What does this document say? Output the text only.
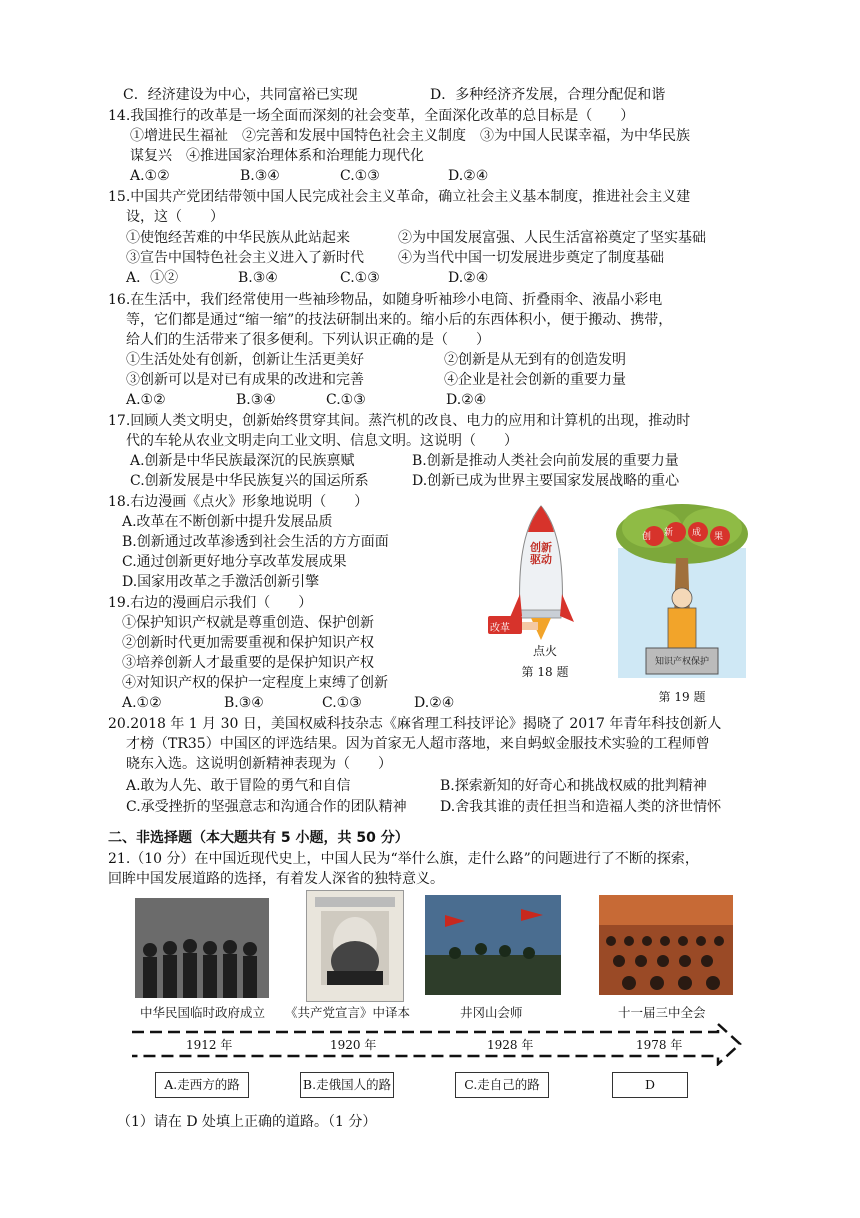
C．经济建设为中心，共同富裕已实现	D．多种经济齐发展，合理分配促和谐
14.我国推行的改革是一场全面而深刻的社会变革，全面深化改革的总目标是（　　）
①增进民生福祉　②完善和发展中国特色社会主义制度　③为中国人民谋幸福，为中华民族
谋复兴　④推进国家治理体系和治理能力现代化
A.①②	B.③④	C.①③	D.②④
15.中国共产党团结带领中国人民完成社会主义革命，确立社会主义基本制度，推进社会主义建
设，这（　　）
①使饱经苦难的中华民族从此站起来	②为中国发展富强、人民生活富裕奠定了坚实基础
③宣告中国特色社会主义进入了新时代 ④为当代中国一切发展进步奠定了制度基础
A．①②	B.③④	C.①③	D.②④
16.在生活中，我们经常使用一些袖珍物品，如随身听袖珍小电筒、折叠雨伞、液晶小彩电
等，它们都是通过“缩一缩”的技法研制出来的。缩小后的东西体积小，便于搬动、携带，
给人们的生活带来了很多便利。下列认识正确的是（　　）
①生活处处有创新，创新让生活更美好	②创新是从无到有的创造发明
③创新可以是对已有成果的改进和完善	④企业是社会创新的重要力量
A.①②	B.③④	C.①③	D.②④
17.回顾人类文明史，创新始终贯穿其间。蒸汽机的改良、电力的应用和计算机的出现，推动时
代的车轮从农业文明走向工业文明、信息文明。这说明（　　）
A.创新是中华民族最深沉的民族禀赋	B.创新是推动人类社会向前发展的重要力量
C.创新发展是中华民族复兴的国运所系	D.创新已成为世界主要国家发展战略的重心
18.右边漫画《点火》形象地说明（　　）
A.改革在不断创新中提升发展品质
B.创新通过改革渗透到社会生活的方方面面
C.通过创新更好地分享改革发展成果
D.国家用改革之手激活创新引擎
19.右边的漫画启示我们（　　）
①保护知识产权就是尊重创造、保护创新
②创新时代更加需要重视和保护知识产权
③培养创新人才最重要的是保护知识产权
④对知识产权的保护一定程度上束缚了创新
A.①②	B.③④	C.①③	D.②④
创新驱动
改革
点火
第 18 题
创 新 成 果
知识产权保护
第 19 题
20.2018 年 1 月 30 日，美国权威科技杂志《麻省理工科技评论》揭晓了 2017 年青年科技创新人
才榜（TR35）中国区的评选结果。因为首家无人超市落地，来自蚂蚁金服技术实验的工程师曾
晓东入选。这说明创新精神表现为（　　）
A.敢为人先、敢于冒险的勇气和自信	B.探索新知的好奇心和挑战权威的批判精神
C.承受挫折的坚强意志和沟通合作的团队精神 D.舍我其谁的责任担当和造福人类的济世情怀
二、非选择题（本大题共有 5 小题，共 50 分）
21.（10 分）在中国近现代史上，中国人民为“举什么旗，走什么路”的问题进行了不断的探索，
回眸中国发展道路的选择，有着发人深省的独特意义。
中华民国临时政府成立 《共产党宣言》中译本	井冈山会师	十一届三中全会
1912 年	1920 年	1928 年	1978 年
A.走西方的路	B.走俄国人的路	C.走自己的路	D
（1）请在 D 处填上正确的道路。（1 分）
